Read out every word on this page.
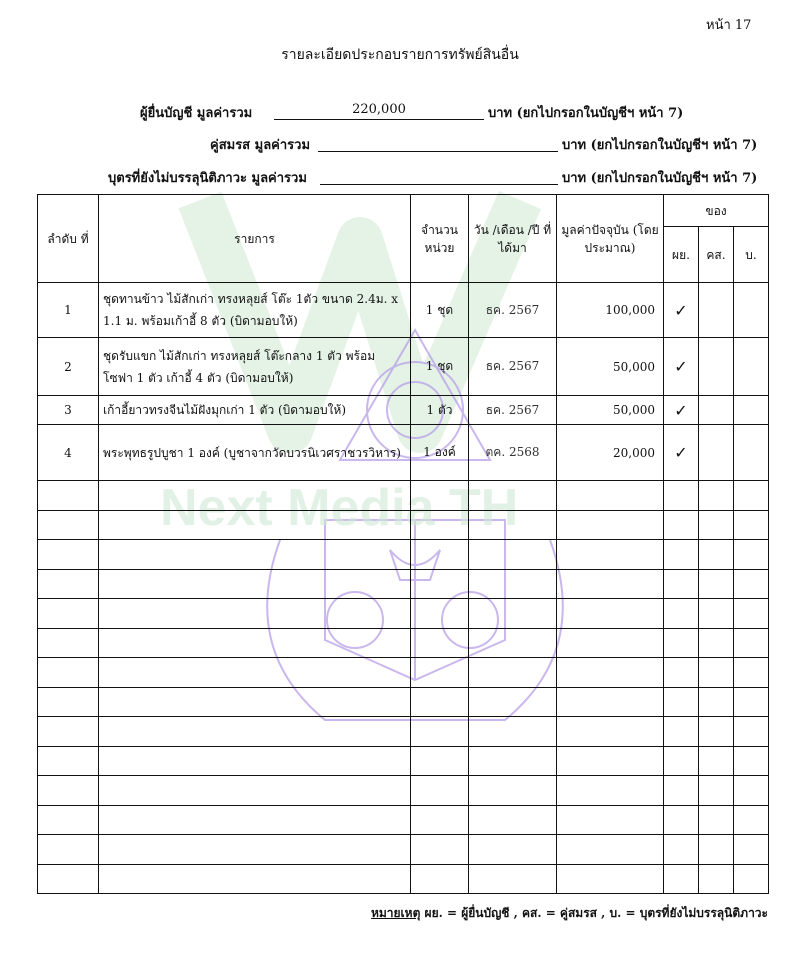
Next Media TH
หน้า 17
รายละเอียดประกอบรายการทรัพย์สินอื่น
ผู้ยื่นบัญชี มูลค่ารวม	220,000	บาท (ยกไปกรอกในบัญชีฯ หน้า 7)
คู่สมรส มูลค่ารวม	บาท (ยกไปกรอกในบัญชีฯ หน้า 7)
บุตรที่ยังไม่บรรลุนิติภาวะ มูลค่ารวม	บาท (ยกไปกรอกในบัญชีฯ หน้า 7)
ลำดับ ที่	รายการ	จำนวน หน่วย	วัน /เดือน /ปี ที่ได้มา	มูลค่าปัจจุบัน (โดยประมาณ)	ของ		
					ผย.	คส.	บ.
1	ชุดทานข้าว ไม้สักเก่า ทรงหลุยส์ โต๊ะ 1ตัว ขนาด 2.4ม. x 1.1 ม. พร้อมเก้าอี้ 8 ตัว (บิดามอบให้)	1 ชุด	ธค. 2567	100,000	✓		
2	ชุดรับแขก ไม้สักเก่า ทรงหลุยส์ โต๊ะกลาง 1 ตัว พร้อม โซฟา 1 ตัว เก้าอี้ 4 ตัว (บิดามอบให้)	1 ชุด	ธค. 2567	50,000	✓		
3	เก้าอี้ยาวทรงจีนไม้ฝังมุกเก่า 1 ตัว (บิดามอบให้)	1 ตัว	ธค. 2567	50,000	✓		
4	พระพุทธรูปบูชา 1 องค์ (บูชาจากวัดบวรนิเวศราชวรวิหาร)	1 องค์	ตค. 2568	20,000	✓		

หมายเหตุ ผย. = ผู้ยื่นบัญชี , คส. = คู่สมรส , บ. = บุตรที่ยังไม่บรรลุนิติภาวะ
